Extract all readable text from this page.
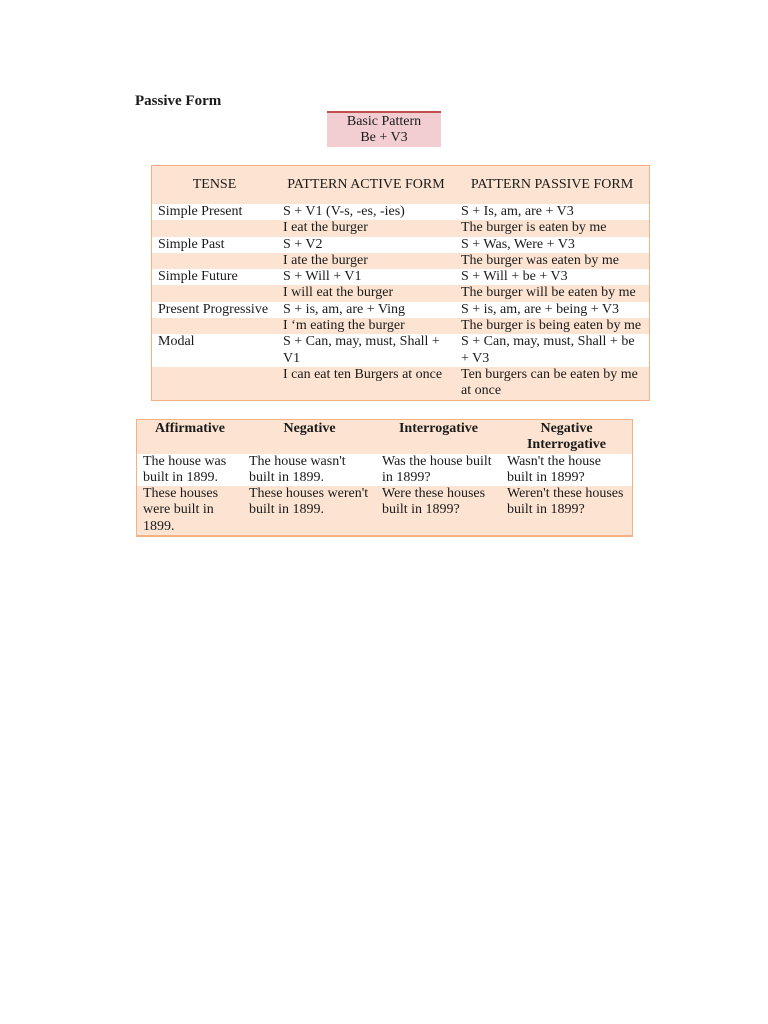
Passive Form
Basic Pattern
Be + V3
TENSE	PATTERN ACTIVE FORM	PATTERN PASSIVE FORM
Simple Present	S + V1 (V-s, -es, -ies)	S + Is, am, are + V3
	I eat the burger	The burger is eaten by me
Simple Past	S + V2	S + Was, Were + V3
	I ate the burger	The burger was eaten by me
Simple Future	S + Will + V1	S + Will + be + V3
	I will eat the burger	The burger will be eaten by me
Present Progressive	S + is, am, are + Ving	S + is, am, are + being + V3
	I ‘m eating the burger	The burger is being eaten by me
Modal	S + Can, may, must, Shall + V1	S + Can, may, must, Shall + be + V3
	I can eat ten Burgers at once	Ten burgers can be eaten by me at once
Affirmative	Negative	Interrogative	Negative Interrogative
The house was built in 1899.	The house wasn't built in 1899.	Was the house built in 1899?	Wasn't the house built in 1899?
These houses were built in 1899.	These houses weren't built in 1899.	Were these houses built in 1899?	Weren't these houses built in 1899?
